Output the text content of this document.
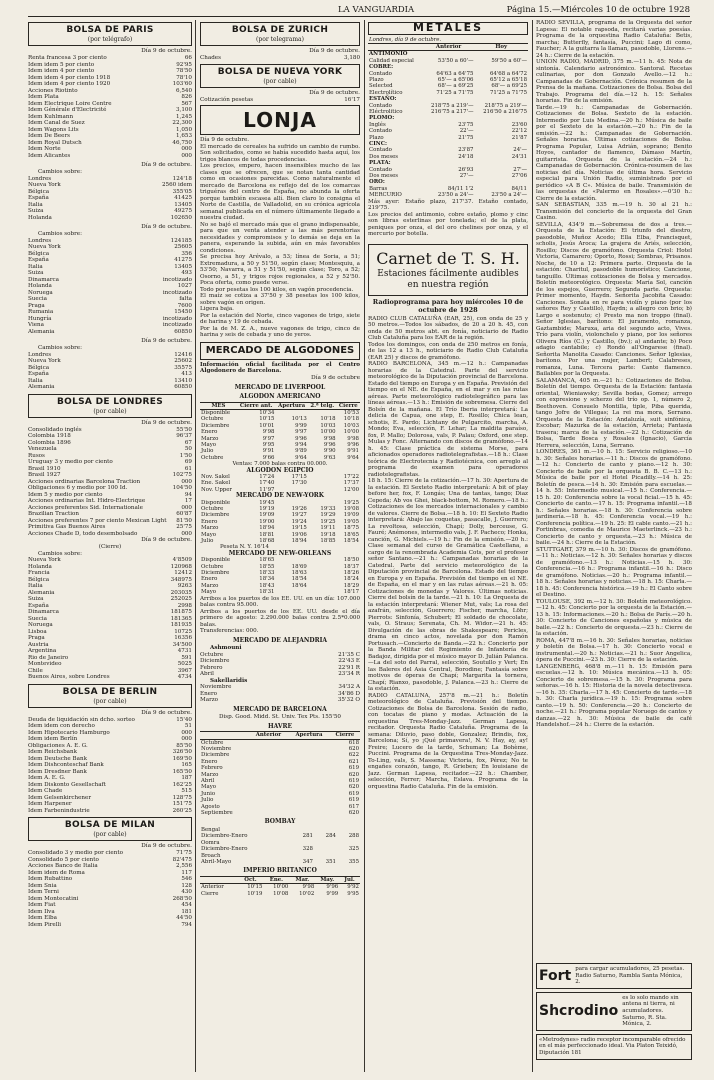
LA VANGUARDIA	Página 15.—Miércoles 10 de octubre 1928
BOLSA DE PARIS
(por telégrafo)
Día 9 de octubre.
Renta francesa 3 por ciento	66
Idem idem 5 por ciento	92'95
Idem idem 4 por ciento	78'50
Idem idem 4 por ciento 1918	78'10
Idem idem 4 por ciento 1920	103'60
Acciones Riotinto	6,540
Idem Plata	826
Idem Electrique Loire Centre	567
Idem Générale d'Electricité	3,100
Idem Kuhlmann	1,245
Idem Canal de Suez	22,300
Idem Wagons Lits	1,050
Idem De Beers	1,653
Idem Royal Dutsch	46,750
Idem Norte	000
Idem Alicantes	000
Día 9 de octubre.
Cambios sobre:
Londres	124'18
Nueva York	2560 idem
Bélgica	355'05
España	41425
Italia	13405
Suiza	49275
Holanda	102650
Día 9 de octubre.
Cambios sobre:
Londres	124185
Nueva York	25605
Bélgica	356
España	41275
Italia	13405
Suiza	493
Dinamarca	incotizado
Holanda	1027
Noruega	incotizado
Suecia	falta
Praga	7600
Rumania	15450
Hungría	incotizado
Viena	incotizado
Alemania	60850
Día 9 de octubre.
Cambios sobre:
Londres	12416
Nueva York	25602
Bélgica	35575
España	413
Italia	13410
Alemania	60850
BOLSA DE LONDRES
(por cable)
Día 9 de octubre.
Consolidado inglés	55'50
Colombia 1918	96'37
Colombia 1896	67
Venezuela	50
Rusos	1'50
Uruguay 3 y medio por ciento	69
Brasil 1910	61
Brasil 1927	102'75
Acciones ordinarias Barcelona Traction	000
Obligaciones 6 y medio por 100 Id.	104'50
Idem 5 y medio por ciento	94
Acciones ordinarias Int. Hidro-Electrique	17
Acciones preferentes Sid. Internationale	000
Brazilian Traction	60'87
Acciones preferentes 7 por ciento Mexican Light	81'50
Primitiva Gas Buenos Aires	25'75
Acciones Chade D, todo desembolsado	000
Día 9 de octubre.
(Cierre)
Cambios sobre:
Nueva York	4'8509
Holanda	120968
Francia	12412
Bélgica	348975
Italia	9263
Alemania	203035
Suiza	252025
España	2998
Dinamarca	181875
Suecia	181365
Noruega	181935
Lisboa	10725
Praga	16356
Austria	34'500
Argentina	4731
Rio de Janeiro	591
Montevideo	5025
Chile	3967
Buenos Aires, sobre Londres	4734
BOLSA DE BERLIN
(por cable)
Día 9 de octubre.
Deuda de liquidación sin dcho. sorteo	15'40
Idem idem con derecho	51
Idem Hipotecario Hamburgo	000
Idem idem Berlín	000
Obligaciones A. E. G.	85'50
Idem Reichsbank	326'50
Idem Deutsche Bank	169'50
Idem Dishconteschaf Bank	165
Idem Dresdner Bank	165'50
Idem A. E. G.	187
Idem Diskonto Gesellschaft	162'25
Idem Chade	515
Idem Gelsenkirchener	128'75
Idem Harpener	151'75
Idem Farbenindustrie	260'25
BOLSA DE MILAN
(por cable)
Día 9 de octubre.
Consolidado 3 y medio por ciento	71'75
Consolidado 5 por ciento	82'475
Acciones Banco de Italia	2,556
Idem idem de Roma	117
Idem Rubattino	546
Idem Snia	128
Idem Terni	430
Idem Montecatini	268'50
Idem Fiat	454
Idem Ilva	181
Idem Elba	44'50
Idem Pirelli	794
BOLSA DE ZURICH
(por telegrama)
Día 9 de octubre.
Chades	3,180
BOLSA DE NUEVA YORK
(por cable)
Día 9 de octubre.
Cotización pesetas	16'17
LONJA
Día 9 de octubre.

El mercado de cereales ha sufrido un cambio de rumbo. Son solicitados, como se había sucedido hasta aquí, los trigos blancos de todas procedencias.

Los precios, empero, hacen insensibles mucho de las clases que se ofrecen, que se notan tanta cantidad como en ocasiones parecidas. Como naturalmente el mercado de Barcelona es reflejo del de los comarcas triguéras del centro de España, no abunda la oferta porque también escasea allí. Bien claro lo consigna el Norte de Castilla, de Valladolid, en su crónica agrícola semanal publicada en el número últimamente llegado a nuestra ciudad.

No se bajó el mercado más que el grano indispensable, para que un venta atender a las más perentorias necesidades y compromisos y lo demás se deja en la panera, esperando la subida, aún en más favorables condiciones.

Se precisa hoy Arévalo, a 53; línea de Soria, a 51; Extremadura, a 50 y 51'50, según clase; Montesquiu, a 53'50; Navarra, a 51 y 51'50, según clase; Toro, a 52; Osorno, a 51, y trigos rojos regionales, a 52 y 52'50. Poca oferta, como puede verse.

Todo por pesetas los 100 kilos, en vagón procedencia.

El maíz se cotiza a 37'50 y 38 pesetas los 100 kilos, sobre vagón en origen.

Ligera baja.

Por la estación del Norte, cinco vagones de trigo, siete de harina y 19 de cebada.

Por la de M. Z. A., nueve vagones de trigo, cinco de harina y seis de cebada y uno de yeros.

MERCADO DE ALGODONES

Información oficial facilitada por el Centro Algodonero de Barcelona.

Día 9 de octubre
MERCADO DE LIVERPOOL
ALGODON AMERICANO
MES	Cierre ant.	Apertura	2.ª telg.	Cierre
Disponible	10'34			10'53
Octubre	10'15	10'13	10'18	10'18
Diciembre	10'01	9'99	10'03	10'03
Enero	9'98	9'97	10'00	10'00
Marzo	9'97	9'96	9'98	9'98
Mayo	9'95	9'94	9'96	9'96
Julio	9'91	9'89	9'90	9'91
Octubre	9'66	9'64	9'63	9'64
Ventas: 7.000 balas contra 00.000.				
ALGODON EGIPCIO				
Nov. Sakel	17'24	17'15		17'22
Ene. Sakel	17'40	17'30		17'37
Nov. Upper	11'97			12'00
MERCADO DE NEW-YORK				
Disponible	19'45			19'25
Octubre	19'19	19'26	19'33	19'08
Diciembre	19'09	19'27	19'29	19'09
Enero	19'00	19'24	19'25	19'05
Marzo	18'94	19'15	19'11	18'75
Mayo	18'81	19'06	19'18	18'65
Julio	18'68	18'94	18'85	18'54
Peseta N. Y. 16'14				
MERCADO DE NEW-ORLEANS				
Disponible	18'65			18'50
Octubre	18'55	18'69		18'37
Diciembre	18'33	18'63		18'26
Enero	18'34	18'54		18'24
Marzo	18'43	18'64		18'29
Mayo	18'31			18'17

Arribos a los puertos de los EE. UU. en un día: 107.000 balas contra 95.000.

Arribos a los puertos de los EE. UU. desde el día primero de agosto: 2.290.000 balas contra 2.5*0.000 balas.

Transferencias: 000.

MERCADO DE ALEJANDRIA
Ashmouni
Octubre	21'35 C
Diciembre	22'43 E
Febrero	22'91 R
Abril	23'34 R
Sakellaridis
Noviembre	34'32 A
Enero	34'86 D
Marzo	35'32 O
MERCADO DE BARCELONA
Disp. Good. Midd. St. Univ. Tex Pts. 155'50
HAVRE
	Anterior	Apertura	Cierre
Octubre			618
Noviembre			620
Diciembre			622
Enero			621
Febrero			619
Marzo			620
Abril			619
Mayo			620
Junio			619
Julio			619
Agosto			617
Septiembre			620
BOMBAY
Bengal			
Diciembre-Enero	281	284	288
Oomra			
Diciembre-Enero	328		325
Broach			
Abril-Mayo	347	351	355
IMPERIO BRITANICO
	Oct.	Ene.	Mar.	May.	Jul.
Anterior	10'15	10'00	9'98	9'96	9'92
Cierre	10'19	10'08	10'02	9'99	9'95
METALES
Londres, día 9 de octubre.		
	Anterior	Hoy
ANTIMONIO		
Calidad especial	53'50 a 60'—	59'50 a 60'—
COBRE:		
Contado	64'63 a 64'75	64'68 a 64'72
Plazo	65'— a 65'06	65'12 a 65'18
Selected	68'— a 69'25	68'— a 69'25
Electrolítico	71'25 a 71'75	71'25 a 71'75
ESTAÑO:		
Contado	218'75 a 219'—	218'75 a 219'—
Eléctrolitico	216'75 a 217'—	216'50 a 216'75
PLOMO:		
Inglés	23'75	23'60
Contado	22'—	22'12
Plazo	21'75	21'87
CINC:		
Contado	23'87	24'—
Dos meses	24'18	24'31
PLATA:		
Contado	26'93	27'—
Dos meses	27'—	27'06
ORO:		
Barras	84/11 1'2	84/11
MERCURIO	23'50 a 24'—	23'50 a 24'—

Más ayer: Estaño plazo, 217'37. Estaño contado, 219'75.

Los precios del antimonio, cobre estaño, plomo y cinc son libras esterlinas por tonelada; el de la plata, peniques por onza, el del oro chelines por onza, y el mercurio por botella.

Carnet de T. S. H.
Estaciones fácilmente audibles en nuestra región
Radioprograma para hoy miércoles 10 de octubre de 1928

RADIO CLUB CATALUÑA (EAR, 25), con onda de 25 y 50 metros.—Todos los sábados, de 20 a 20 h. 45, con onda de 50 metros abt. en fonía, noticiario de Radio Club Cataluña para los EAR de la región.

Todos los domingos, con onda de 250 metros en fonía, de las 12 a 13 h., noticiario de Radio Club Cataluña (EAR 25) y discos de gramófono.

RADIO BARCELONA, 345 m.—12 h.: Campanadas horarias de la Catedral. Parte del servicio meteorológico de la Diputación provincial de Barcelona. Estado del tiempo en Europa y en España. Previsión del tiempo en el NE. de España, en el mar y en las rutas aéreas. Parte meteorológico radiotelegráfico para las líneas aéreas.—13 h.: Emisión de sobremesa. Cierre del Bolsín de la mañana. El Trío Iberia interpretará: La delicia de Capua, one step, E. Rosillo; Chica lean, schotis, E. Pardo; Lichtany de Pulgarcito, marcha, A. Mondo; Eva, selección, F. Lehar; La maldita paraíso, fox, P. Mallo; Dolorosa, vals, P. Palau; Oxford, one step. Mulas y Fonc. Alternando con discos de gramófono.—14 h. 45: Clase práctica de sistema Morse, para aficionados operadores radiotelegrafistas.—18 h.: Clase teórica de Electrotecnia y Radiotécnica, con arreglo al programa de examen para operadores radiotelegrafistas.

18 h. 15: Cierre de la cotización.—17 h. 30: Apertura de la estación. El Sexteto Radio interpretará: A bit of play before her, fox, F. Longás; Una de tantas, tango; Diaz Cepeda; Ab vos Ghei, black-bottom, M. Romero.—18 h.: Cotizaciones de los mercados internacionales y cambio de valores. Cierre de Bolsa.—18 h. 10: El Sexteto Radio interpretará: Abajo las coquetas, pasacalle, J. Guerrero; La revoltosa, selección, Chapí; Dolly, berceuse, G. Fauré; Anémones, intermedio vals, J. F. Pacheco; Honka, canción, G. Michiels.—19 h.: Fin de la emisión.—20 h.: Clase semanal del curso de Gramática Castellana, a cargo de la renombrada Academia Cots, por el profesor señor Santano.—21 h.: Campanadas horarias de la Catedral. Parte del servicio meteorológico de la Diputación provincial de Barcelona. Estado del tiempo en Europa y en España. Previsión del tiempo en el NE. de España, en el mar y en las rutas aéreas.—21 h. 05: Cotizaciones de monedas y Valores. Últimas noticias. Cierre del bolsín de la tarde.—21 h. 10: La Orquesta de la estación interpretará: Wiener Mut, vals; La rosa del azafrán, selección, Guerrero; Fischer, marcha, Löhr; Pierrots: Sinfonía, Schubert; El soldado de chocolate, vals, O. Straus; Serenata, Ch. M. Widor.—21 h. 45: Divulgación de las obras de Shakespeare; Pericles, drama en cinco actos, novelada por don Ramón Portusach.—Concierto de Banda.—22 h.: Concierto por la Banda Militar del Regimiento de Infantería de Badajoz, dirigida por el músico mayor D. Julián Palanca.—La del soto del Parral, selección, Soutullo y Vert; En las Baleres del Asia Central, Borodine; Fantasía sobre motivos de óperas de Chapí; Margarita la tornera, Chapí; Rianxo, pasodoble, J. Palanca.—23 h.: Cierre de la estación.

RADIO CATALUNA, 257'8 m.—21 h.: Boletín meteorológico de Cataluña. Previsión del tiempo. Cotizaciones de Bolsa de Barcelona. Sesión de radio, con tocatas de piano y modas. Actuación de la orquestina Tres-Monday-Jazz. German Lapesa, recitador. Orquesta Radio Cataluña. Programa de la semana: Diluvio, paso doble, Gonzalez; Brindis, fox, Barcelona; Sí, yo ¡Qué primavera!, N. V. Hay, ay, ay! Freire; Lucero de la tarde, Schuman; La Bohème, Puccini. Programa de la Orquestina Tres-Monday-Jazz. To-Ling, vals, S. Massena; Victoria, fox, Pérez; No te engañes corazón, tango, R. Grieben; En louisiane de Jazz. German Lapesa, recitador.—22 h.: Chamber, selección, Ferrer; Marcha, Eslava. Programa de la orquestina Radio Cataluña. Fin de la emisión.

RADIO SEVILLA, programa de la Orquesta del señor Lapesa: El notable rapsoda, recitará varias poesías. Programa de la orquestina Radio Cataluña: Betis, marcha; Butterfly, fantasía, Puccini; Lago di como, Faucher; A la guitarra la llaman, pasodoble, Llorens.—24 h.: Cierre de la estación.

UNION RADIO, MADRID, 375 m.—11 h. 45: Nota de sintonía. Calendario astronómico. Santoral. Recetas culinarias, por don Gonzalo Avello.—12 h.: Campanadas de Gobernación. Crónica resumen de la Prensa de la mañana. Cotizaciones de Bolsa. Bolsa del Trabajo. Programa del día.—12 h. 15: Señales horarias. Fin de la emisión.

Tarde.—19 h.: Campanadas de Gobernación. Cotizaciones de Bolsa. Sexteto de la estación. Intermedio por Luis Medina.—20 h.: Música de baile por el Sexteto de la estación.—20 h.: Fin de la emisión.—22 h.: Campanadas de Gobernación. Señales horarias. Últimas cotizaciones de Bolsa. Programa Popular, Luisa Adrián, soprano; Benito Hoyos, cantador de flamenco, Dámaso Martín, guitarrista. Orquesta de la estación.—24 h.: Campanadas de Gobernación. Crónica-resumen de las noticias del día. Noticias de última hora. Servicio especial para Unión Radio, suministrado por el periódico «A B C». Música de baile. Transmisión de las orquestas de «Palermo en Rosales».—0'30 h.: Cierre de la estación.

SAN SEBASTIAN, 335 m.—19 h. 30 al 21 h.: Transmisión del concierto de la orquesta del Gran Casino.

SEVILLA, 434'9 m.—Sobremesa de dos a tres.—Orquesta de la Estación: El triunfo del diestro, pasodoble, Muñoz Acedo; Ella Elba, Francisquet, scholis, Jesús Aroca; La grajera de Ariés, selección, Rosillo; Discos de gramófono. Orquesta Criol: Hotel Victoria, Camarero; Oporto, Rossi; Sombras, Prisanos. Noche, de 10 a 12: Primera parte. Orquesta de la estación: Charitul, pasodoble humorístico; Cancione, tanguillo. Últimas cotizaciones de Bolsa y mercados. Boletín meteorológico. Orquesta: María Sol, canción de los espejos, Guerrero; Segunda parte. Orquesta: Primer momento, Haydn. Señorita Jacobita Casado: Canciones. Sonata en re para violín y piano (por los señores Rey y Castillo), Haydn; a allegro con brio; b) Largo e sostenuto; c) Presto ma non troppo (final). Señor Iglesias, barítono: El juramento, romanza, Gaztambide; Maruxa, aria del segundo acto, Vives. Trío para violín, violonchelo y piano, por los señores Olivera Ríos (C.) y Castillo, (bv.); a) andante; b) Poco adagio cantabile; c) Rondó all'Ongarese (final). Señorita Manolita Casado: Canciones. Señor Iglesias, barítono. Por una mujer, Lambert; Calabreses, romanza, Luna. Tercera parte: Cante flamenco. Bailables por la Orquesta.

SALAMANCA, 405 m.—21 h.: Cotizaciones de Bolsa. Boletín del tiempo. Orquesta de la Estación: fantasía oriental, Wieniawsky; Sevilla bodas, Gomez; arrego con expresione y scherzo del trío op. 1, número 2, Beethoven. Consuelo Montilla, tiple, Piba querida, tango Jofre de Villegas; La rei ma mora, Serrano. Orquesta de la Estación: Andaluzía, suit sinfónica, Escobar; Mazurka de la estación, Arrieta; Fantasía trasera; marca de la estación.—22 h.: Cotización de Bolsa, Tarde Bosca y Rosales (Ignacio), García Herrera, selección, Luna, Serrano.

LONDRES, 361 m.—10 h. 15: Servicio religioso.—10 h. 30: Señales horarias.—11 h.: Discos de gramófono.—12 h.: Concierto de canto y piano.—12 h. 30: Concierto de baile por la orquesta B. B. C.—13 h.: Música de baile por el Hotel Picadilly.—14 h. 25: Boletín de pesca.—14 h. 30: Emisión para escuelas.—14 h. 55: Intermedio musical.—15 h.: Conferencia.—15 h. 20: Conferencia sobre la vocal ficial.—15 h. 45: Concierto de canto.—17 h. 15: Programa infantil.—18 h.: Señales horarias.—18 h. 30: Conferencia sobre jardinería.—18 h. 45: Conferencia vocal.—19 h.: Conferencia política.—19 h. 25: El cable canto.—21 h.: Fortinbras, comedia de Maurice Maeterlinck.—23 h.: Concierto de canto y orquesta.—23 h.: Música de baile.—24 h.: Cierre de la Estación.

STUTTGART, 379 m.—10 h. 30: Discos de gramófono.—11 h.: Noticias.—12 h. 30: Señales horarias y discos de gramófono.—13 h.: Noticias.—15 h. 30: Conferencia.—16 h.: Programa infantil.—16 h.: Disco de gramófono. Noticias.—20 h.: Programa infantil.—18 h.: Señales horarias y noticias.—18 h. 15: Charla.—18 h. 45: Conferencia histórica.—19 h.: El Canto sobre el Destino.

TOULOUSE, 392 m.—12 h. 30: Boletín meteorológico.—12 h. 45: Concierto por la orquesta de la Estación.—13 h. 15: Informaciones.—20 h.: Bolsa de París.—20 h. 30: Concierto de Canciones españolas y música de baile.—22 h.: Concierto de orquesta.—23 h.: Cierre de la estación.

ROMA, 447'8 m.—16 h. 30: Señales horarias, noticias y boletín de Bolsa.—17 h. 30: Concierto vocal e instrumental.—20 h.: Noticias.—21 h.: Suor Angelica, ópera de Puccini.—23 h. 30: Cierre de la estación.

LANGENBERG, 468'8 m.—11 h. 15: Emisión para escuelas.—12 h. 10: Música mecánica.—13 h. 05: Concierto de sobremesa.—15 h. 30: Programa para señoras.—16 h. 15: Historia de la novela detectivesca.—16 h. 35: Charla.—17 h. 45: Concierto de tarde.—18 h. 30: Charla jurídica.—19 h. 15: Programa sobre canto.—19 h. 50: Conferencia.—20 h.: Concierto de noche.—21 h.: Programa popular Noruego de cantos y danzas.—22 h. 30: Música de baile de café Handelshof.—24 h.: Cierre de la estación.

Fort para cargar acumuladores, 25 pesetas. Radio Saturno, Rambla Santa Mónica, 2.
Shcrodino
es lo solo mando sin antena ni tierra, ni acumuladores. Saturno, R. Sta. Mónica, 2.
«Metrodynes» radio receptor incomparable ofrecido en el más perfeccionado ideal. Via Platon Teixidó, Diputación 181
